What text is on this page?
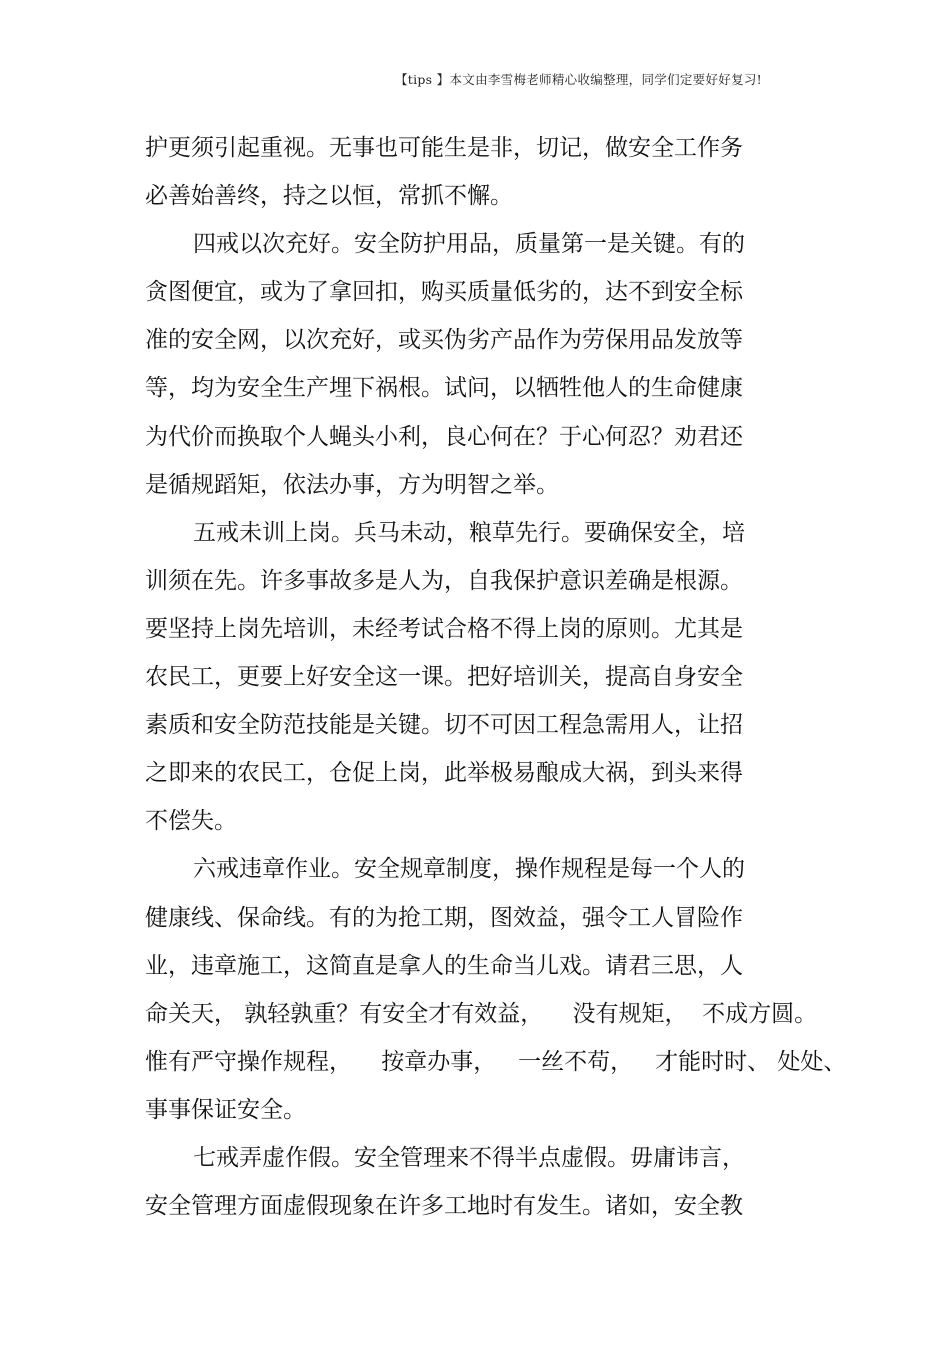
【tips 】本文由李雪梅老师精心收编整理，同学们定要好好复习!
护更须引起重视。无事也可能生是非，切记，做安全工作务
必善始善终，持之以恒，常抓不懈。
四戒以次充好。安全防护用品，质量第一是关键。有的
贪图便宜，或为了拿回扣，购买质量低劣的，达不到安全标
准的安全网，以次充好，或买伪劣产品作为劳保用品发放等
等，均为安全生产埋下祸根。试问，以牺牲他人的生命健康
为代价而换取个人蝇头小利，良心何在？于心何忍？劝君还
是循规蹈矩，依法办事，方为明智之举。
五戒未训上岗。兵马未动，粮草先行。要确保安全，培
训须在先。许多事故多是人为，自我保护意识差确是根源。
要坚持上岗先培训，未经考试合格不得上岗的原则。尤其是
农民工，更要上好安全这一课。把好培训关，提高自身安全
素质和安全防范技能是关键。切不可因工程急需用人，让招
之即来的农民工，仓促上岗，此举极易酿成大祸，到头来得
不偿失。
六戒违章作业。安全规章制度，操作规程是每一个人的
健康线、保命线。有的为抢工期，图效益，强令工人冒险作
业，违章施工，这简直是拿人的生命当儿戏。请君三思，人
命关天， 孰轻孰重？有安全才有效益，    没有规矩，  不成方圆。
惟有严守操作规程，    按章办事，   一丝不苟，   才能时时、 处处、
事事保证安全。
七戒弄虚作假。安全管理来不得半点虚假。毋庸讳言，
安全管理方面虚假现象在许多工地时有发生。诸如，安全教
